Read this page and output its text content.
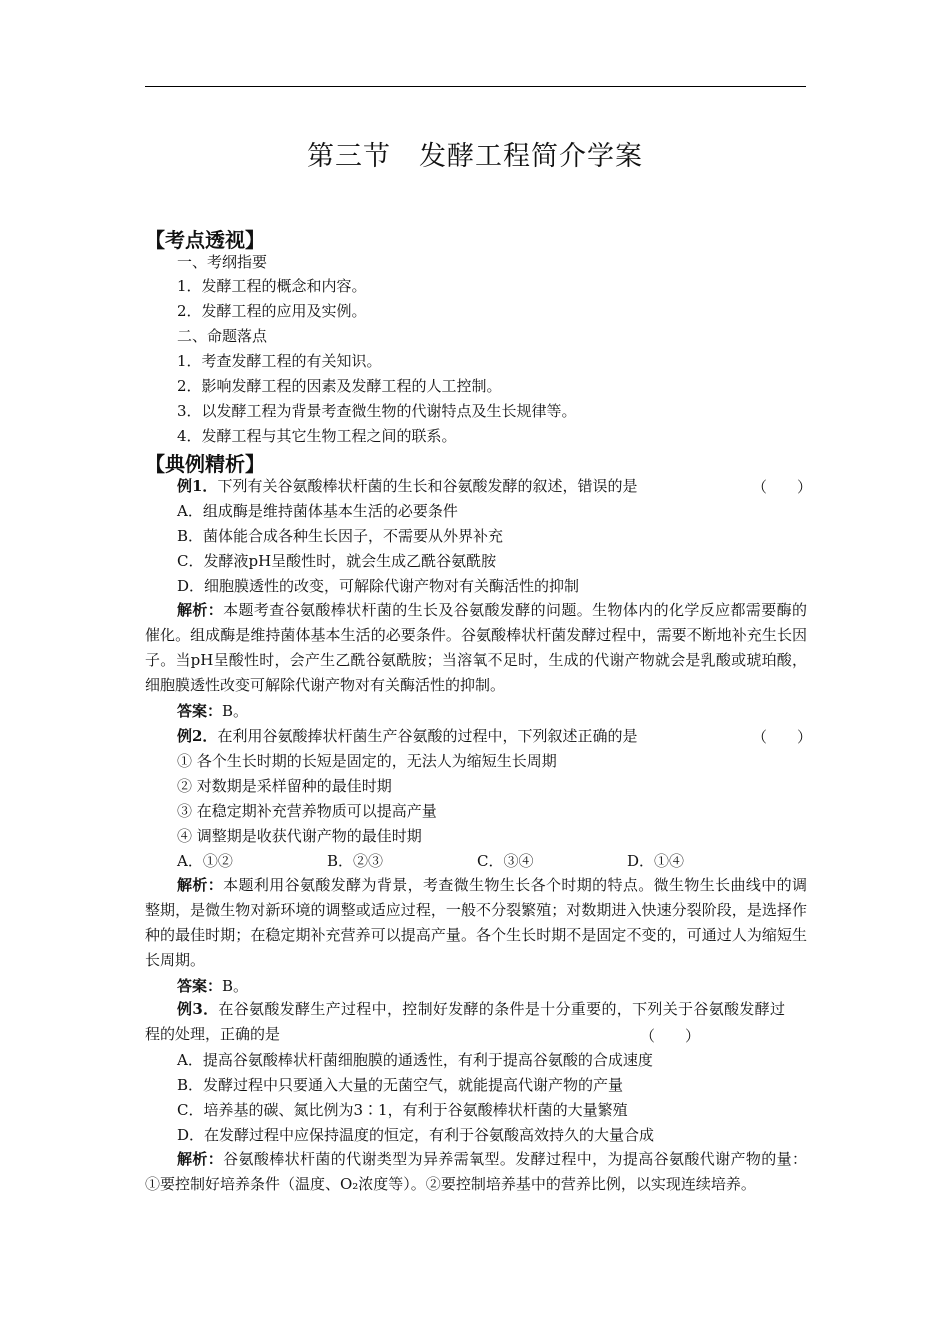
第三节　发酵工程简介学案
【考点透视】
一、考纲指要
1．发酵工程的概念和内容。
2．发酵工程的应用及实例。
二、命题落点
1．考查发酵工程的有关知识。
2．影响发酵工程的因素及发酵工程的人工控制。
3．以发酵工程为背景考查微生物的代谢特点及生长规律等。
4．发酵工程与其它生物工程之间的联系。
【典例精析】
例1．下列有关谷氨酸棒状杆菌的生长和谷氨酸发酵的叙述，错误的是	（　　）
A．组成酶是维持菌体基本生活的必要条件
B．菌体能合成各种生长因子，不需要从外界补充
C．发酵液pH呈酸性时，就会生成乙酰谷氨酰胺
D．细胞膜透性的改变，可解除代谢产物对有关酶活性的抑制
解析：本题考查谷氨酸棒状杆菌的生长及谷氨酸发酵的问题。生物体内的化学反应都需要酶的催化。组成酶是维持菌体基本生活的必要条件。谷氨酸棒状杆菌发酵过程中，需要不断地补充生长因子。当pH呈酸性时，会产生乙酰谷氨酰胺；当溶氧不足时，生成的代谢产物就会是乳酸或琥珀酸，细胞膜透性改变可解除代谢产物对有关酶活性的抑制。
答案：B。
例2．在利用谷氨酸捧状杆菌生产谷氨酸的过程中，下列叙述正确的是	（　　）
① 各个生长时期的长短是固定的，无法人为缩短生长周期
② 对数期是采样留种的最佳时期
③ 在稳定期补充营养物质可以提高产量
④ 调整期是收获代谢产物的最佳时期
A．①②	B．②③	C．③④	D．①④
解析：本题利用谷氨酸发酵为背景，考查微生物生长各个时期的特点。微生物生长曲线中的调整期，是微生物对新环境的调整或适应过程，一般不分裂繁殖；对数期进入快速分裂阶段，是选择作种的最佳时期；在稳定期补充营养可以提高产量。各个生长时期不是固定不变的，可通过人为缩短生长周期。
答案：B。
例3．在谷氨酸发酵生产过程中，控制好发酵的条件是十分重要的，下列关于谷氨酸发酵过程的处理，正确的是	（　　）
A．提高谷氨酸棒状杆菌细胞膜的通透性，有利于提高谷氨酸的合成速度
B．发酵过程中只要通入大量的无菌空气，就能提高代谢产物的产量
C．培养基的碳、氮比例为3∶1，有利于谷氨酸棒状杆菌的大量繁殖
D．在发酵过程中应保持温度的恒定，有利于谷氨酸高效持久的大量合成
解析：谷氨酸棒状杆菌的代谢类型为异养需氧型。发酵过程中，为提高谷氨酸代谢产物的量：①要控制好培养条件（温度、O₂浓度等）。②要控制培养基中的营养比例，以实现连续培养。
